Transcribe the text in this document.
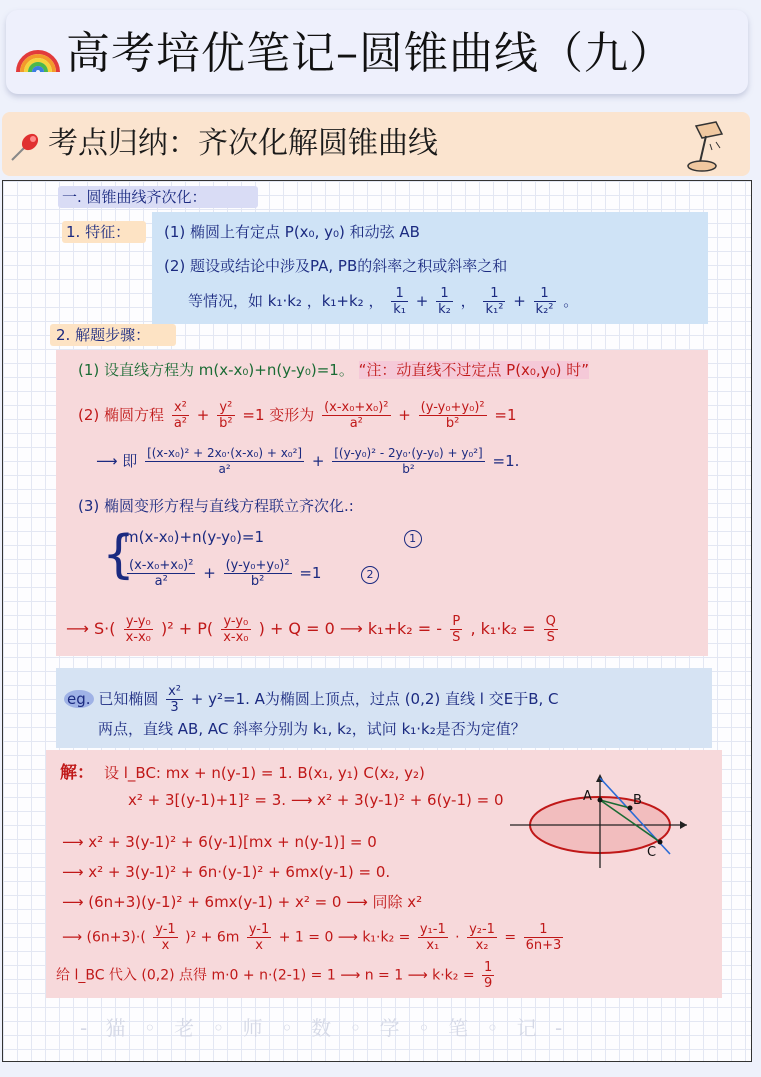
高考培优笔记–圆锥曲线（九）
考点归纳：齐次化解圆锥曲线
一. 圆锥曲线齐次化：
1. 特征： (1) 椭圆上有定点 P(x₀, y₀) 和动弦 AB
(2) 题设或结论中涉及PA, PB的斜率之积或斜率之和
等情况，如 k₁·k₂ ，k₁+k₂ ， $\frac{1}{\text{k₁}} + \frac{1}{\text{k₂}}$ ， $\frac{1}{\text{k₁²}} + \frac{1}{\text{k₂²}}$ 。
2. 解题步骤：
(1) 设直线方程为 m(x-x₀)+n(y-y₀)=1。 “注：动直线不过定点 P(x₀,y₀) 时”
(2) 椭圆方程 $\frac{\text{x²}}{\text{a²}} + \frac{\text{y²}}{\text{b²}} =1$ 变形为 $\frac{\text{(x-x₀+x₀)²}}{\text{a²}} + \frac{\text{(y-y₀+y₀)²}}{\text{b²}} =1$
⟶ 即 $\frac{\text{[(x-x₀)² + 2x₀·(x-x₀) + x₀²]}}{\text{a²}} + \frac{\text{[(y-y₀)² - 2y₀·(y-y₀) + y₀²]}}{\text{b²}} =1$.
(3) 椭圆变形方程与直线方程联立齐次化.:
{
m(x-x₀)+n(y-y₀)=1	1
$\frac{\text{(x-x₀+x₀)²}}{\text{a²}} + \frac{\text{(y-y₀+y₀)²}}{\text{b²}} =1$	2
⟶ $S\cdot( \frac{\text{y-y₀}}{\text{x-x₀}} )^2 + P( \frac{\text{y-y₀}}{\text{x-x₀}}$ ) + Q = 0 ⟶ k₁+k₂ = - $\frac{P}{S}$ , $k_1\cdot k_2 = \frac{Q}{S}$
eg. 已知椭圆 $\frac{\text{x²}}{3} + y^2=1$. A为椭圆上顶点，过点 (0,2) 直线 l 交E于B, C
两点，直线 AB, AC 斜率分别为 k₁, k₂，试问 k₁·k₂是否为定值？
解： 设 l_BC: mx + n(y-1) = 1. B(x₁, y₁) C(x₂, y₂)
x² + 3[(y-1)+1]² = 3. ⟶ x² + 3(y-1)² + 6(y-1) = 0
⟶ x² + 3(y-1)² + 6(y-1)[mx + n(y-1)] = 0
⟶ x² + 3(y-1)² + 6n·(y-1)² + 6mx(y-1) = 0.
⟶ (6n+3)(y-1)² + 6mx(y-1) + x² = 0 ⟶ 同除 x²
⟶ $(6n+3)\cdot( \frac{y-1}{x} )^2 + 6m \frac{y-1}{x} + 1 = 0$ ⟶ $k_1\cdot k_2 = \frac{\text{y₁-1}}{\text{x₁}} \cdot \frac{\text{y₂-1}}{\text{x₂}} = \frac{1}{6n+3}$
给 l_BC 代入 (0,2) 点得 m·0 + n·(2-1) = 1 ⟶ n = 1 ⟶ $k\cdot k_2 = \frac{1}{9}$
A	B
C
- 猫 ◦ 老 ◦ 师 ◦ 数 ◦ 学 ◦ 笔 ◦ 记 -
